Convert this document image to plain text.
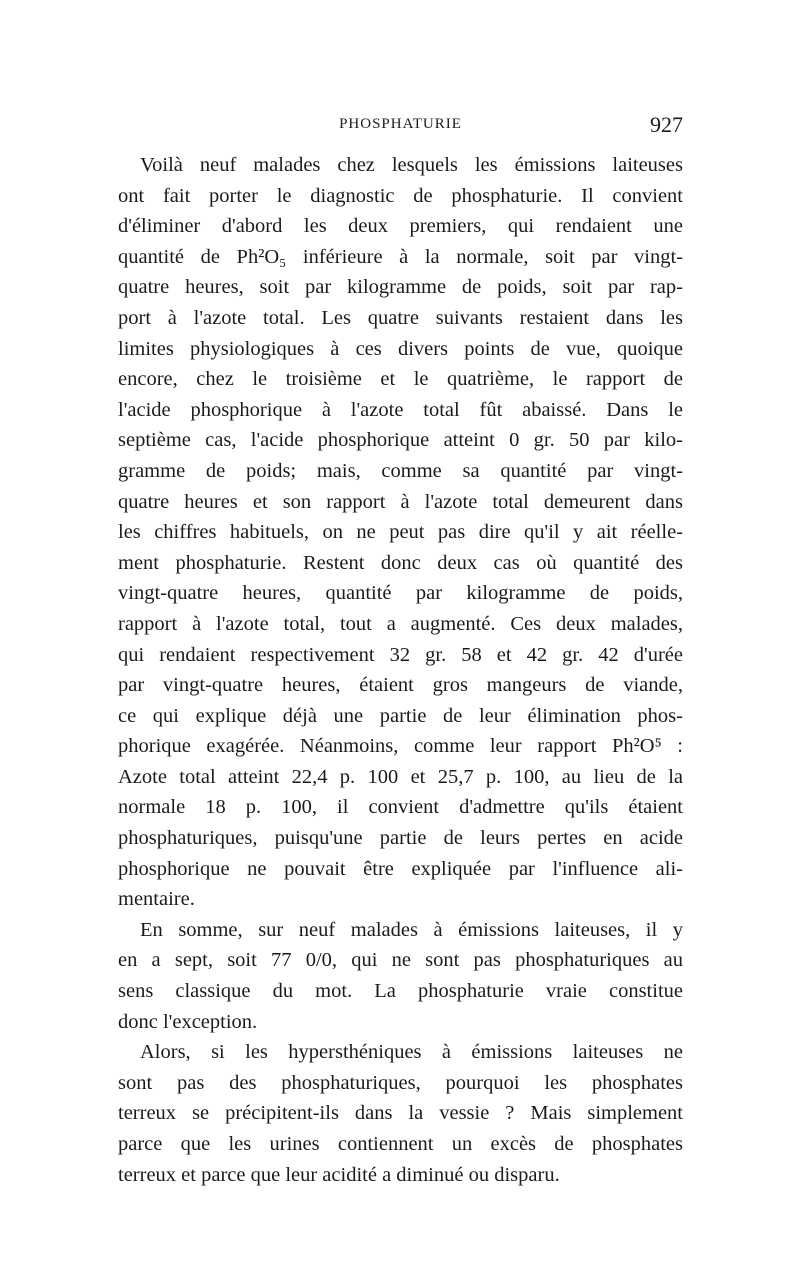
PHOSPHATURIE	927
Voilà neuf malades chez lesquels les émissions laiteuses
ont fait porter le diagnostic de phosphaturie. Il convient
d'éliminer d'abord les deux premiers, qui rendaient une
quantité de Ph²O₅ inférieure à la normale, soit par vingt-
quatre heures, soit par kilogramme de poids, soit par rap-
port à l'azote total. Les quatre suivants restaient dans les
limites physiologiques à ces divers points de vue, quoique
encore, chez le troisième et le quatrième, le rapport de
l'acide phosphorique à l'azote total fût abaissé. Dans le
septième cas, l'acide phosphorique atteint 0 gr. 50 par kilo-
gramme de poids; mais, comme sa quantité par vingt-
quatre heures et son rapport à l'azote total demeurent dans
les chiffres habituels, on ne peut pas dire qu'il y ait réelle-
ment phosphaturie. Restent donc deux cas où quantité des
vingt-quatre heures, quantité par kilogramme de poids,
rapport à l'azote total, tout a augmenté. Ces deux malades,
qui rendaient respectivement 32 gr. 58 et 42 gr. 42 d'urée
par vingt-quatre heures, étaient gros mangeurs de viande,
ce qui explique déjà une partie de leur élimination phos-
phorique exagérée. Néanmoins, comme leur rapport Ph²O⁵ :
Azote total atteint 22,4 p. 100 et 25,7 p. 100, au lieu de la
normale 18 p. 100, il convient d'admettre qu'ils étaient
phosphaturiques, puisqu'une partie de leurs pertes en acide
phosphorique ne pouvait être expliquée par l'influence ali-
mentaire.
En somme, sur neuf malades à émissions laiteuses, il y
en a sept, soit 77 0/0, qui ne sont pas phosphaturiques au
sens classique du mot. La phosphaturie vraie constitue
donc l'exception.
Alors, si les hypersthéniques à émissions laiteuses ne
sont pas des phosphaturiques, pourquoi les phosphates
terreux se précipitent-ils dans la vessie ? Mais simplement
parce que les urines contiennent un excès de phosphates
terreux et parce que leur acidité a diminué ou disparu.
